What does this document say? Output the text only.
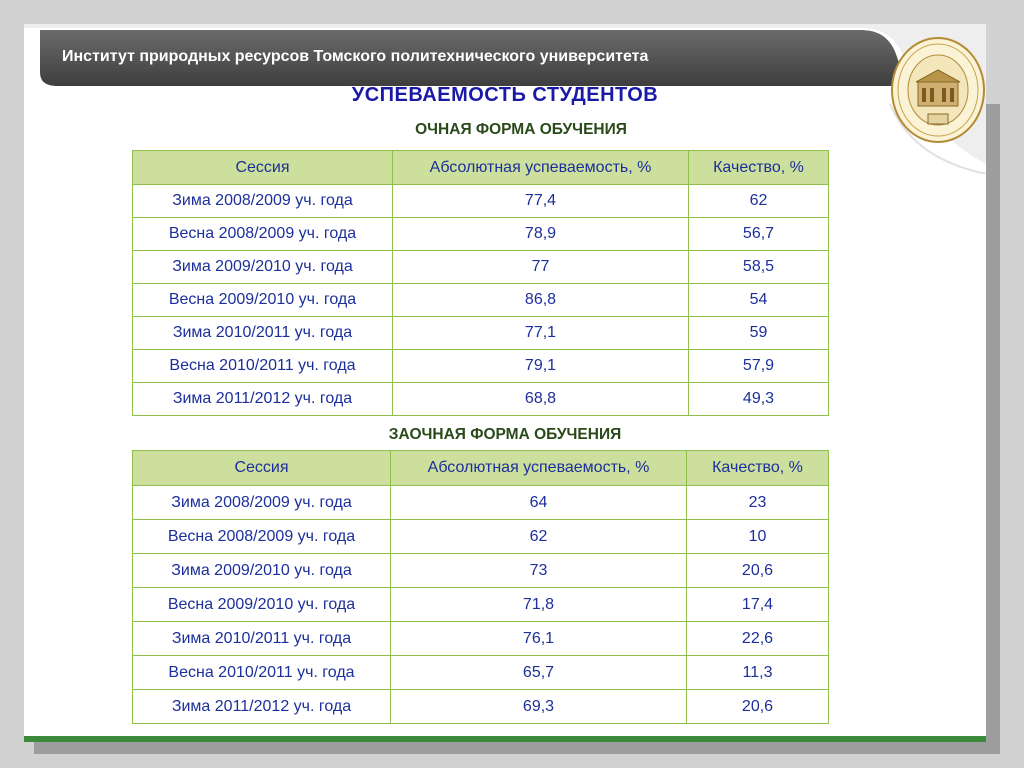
Институт природных ресурсов Томского политехнического университета
УСПЕВАЕМОСТЬ СТУДЕНТОВ
ОЧНАЯ ФОРМА ОБУЧЕНИЯ
Сессия	Абсолютная успеваемость, %	Качество, %
Зима 2008/2009 уч. года	77,4	62
Весна 2008/2009 уч. года	78,9	56,7
Зима 2009/2010 уч. года	77	58,5
Весна 2009/2010 уч. года	86,8	54
Зима 2010/2011 уч. года	77,1	59
Весна 2010/2011 уч. года	79,1	57,9
Зима 2011/2012 уч. года	68,8	49,3
ЗАОЧНАЯ ФОРМА ОБУЧЕНИЯ
Сессия	Абсолютная успеваемость, %	Качество, %
Зима 2008/2009 уч. года	64	23
Весна 2008/2009 уч. года	62	10
Зима 2009/2010 уч. года	73	20,6
Весна 2009/2010 уч. года	71,8	17,4
Зима 2010/2011 уч. года	76,1	22,6
Весна 2010/2011 уч. года	65,7	11,3
Зима 2011/2012 уч. года	69,3	20,6
